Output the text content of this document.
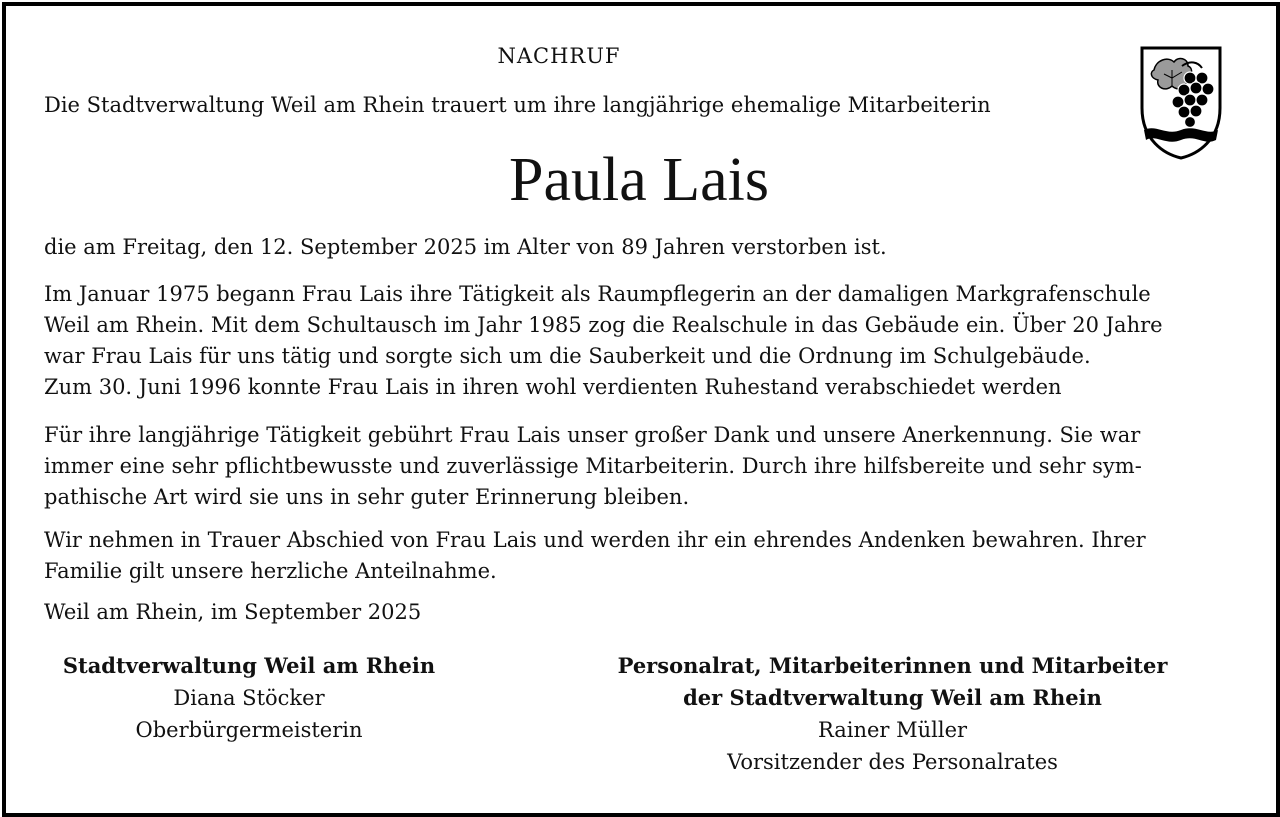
NACHRUF
Die Stadtverwaltung Weil am Rhein trauert um ihre langjährige ehemalige Mitarbeiterin
Paula Lais
die am Freitag, den 12. September 2025 im Alter von 89 Jahren verstorben ist.
Im Januar 1975 begann Frau Lais ihre Tätigkeit als Raumpflegerin an der damaligen Markgrafenschule
Weil am Rhein. Mit dem Schultausch im Jahr 1985 zog die Realschule in das Gebäude ein. Über 20 Jahre
war Frau Lais für uns tätig und sorgte sich um die Sauberkeit und die Ordnung im Schulgebäude.
Zum 30. Juni 1996 konnte Frau Lais in ihren wohl verdienten Ruhestand verabschiedet werden
Für ihre langjährige Tätigkeit gebührt Frau Lais unser großer Dank und unsere Anerkennung. Sie war
immer eine sehr pflichtbewusste und zuverlässige Mitarbeiterin. Durch ihre hilfsbereite und sehr sym-
pathische Art wird sie uns in sehr guter Erinnerung bleiben.
Wir nehmen in Trauer Abschied von Frau Lais und werden ihr ein ehrendes Andenken bewahren. Ihrer
Familie gilt unsere herzliche Anteilnahme.
Weil am Rhein, im September 2025
Stadtverwaltung Weil am Rhein
Diana Stöcker
Oberbürgermeisterin
Personalrat, Mitarbeiterinnen und Mitarbeiter
der Stadtverwaltung Weil am Rhein
Rainer Müller
Vorsitzender des Personalrates
